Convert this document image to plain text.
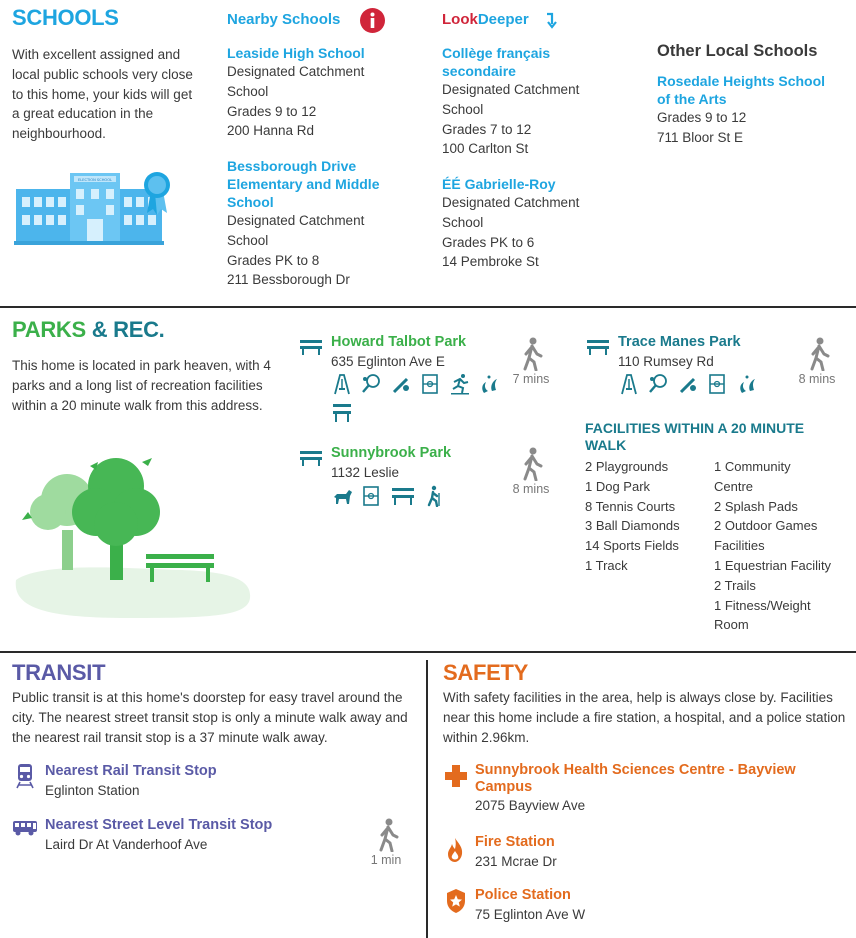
SCHOOLS
With excellent assigned and local public schools very close to this home, your kids will get a great education in the neighbourhood.
ELECTION SCHOOL
Nearby Schools	LookDeeper
Other Local Schools
Leaside High School
Designated Catchment
School
Grades 9 to 12
200 Hanna Rd
Bessborough Drive
Elementary and Middle
School
Designated Catchment
School
Grades PK to 8
211 Bessborough Dr
Collège français
secondaire
Designated Catchment
School
Grades 7 to 12
100 Carlton St
ÉÉ Gabrielle-Roy
Designated Catchment
School
Grades PK to 6
14 Pembroke St
Rosedale Heights School
of the Arts
Grades 9 to 12
711 Bloor St E
PARKS & REC.
This home is located in park heaven, with 4 parks and a long list of recreation facilities within a 20 minute walk from this address.
Howard Talbot Park
635 Eglinton Ave E

7 mins
Trace Manes Park
110 Rumsey Rd

8 mins
Sunnybrook Park
1132 Leslie

8 mins
FACILITIES WITHIN A 20 MINUTE
WALK
2 Playgrounds
1 Dog Park
8 Tennis Courts
3 Ball Diamonds
14 Sports Fields
1 Track
1 Community
Centre
2 Splash Pads
2 Outdoor Games
Facilities
1 Equestrian Facility
2 Trails
1 Fitness/Weight
Room
TRANSIT
Public transit is at this home's doorstep for easy travel around the city. The nearest street transit stop is only a minute walk away and the nearest rail transit stop is a 37 minute walk away.
Nearest Rail Transit Stop
Eglinton Station
Nearest Street Level Transit Stop
Laird Dr At Vanderhoof Ave
1 min
SAFETY
With safety facilities in the area, help is always close by. Facilities near this home include a fire station, a hospital, and a police station within 2.96km.
Sunnybrook Health Sciences Centre - Bayview
Campus
2075 Bayview Ave
Fire Station
231 Mcrae Dr
Police Station
75 Eglinton Ave W
